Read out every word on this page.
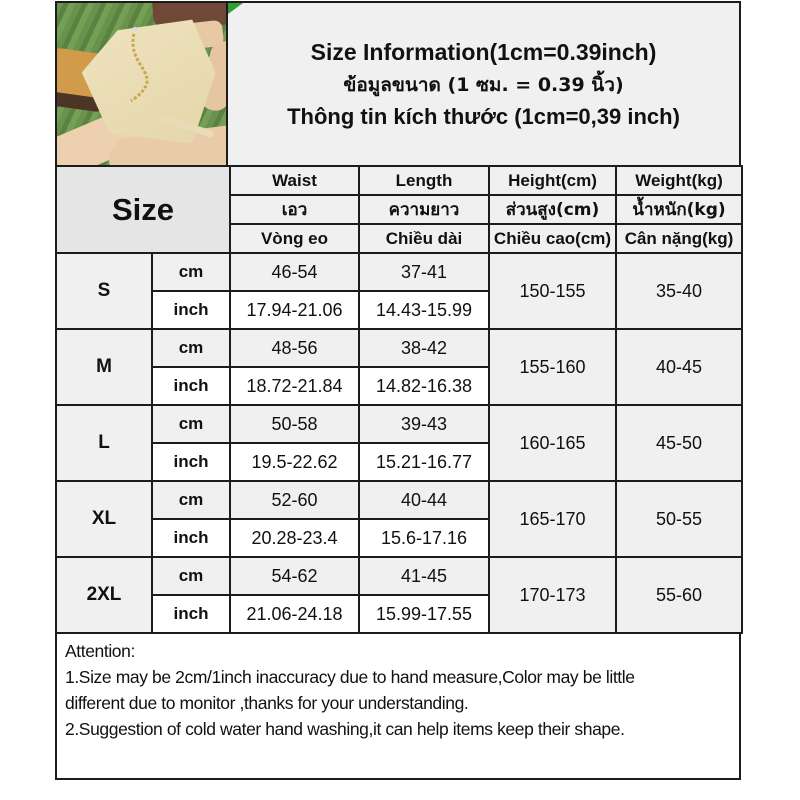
Size Information(1cm=0.39inch)
ข้อมูลขนาด (1 ซม. = 0.39 นิ้ว)
Thông tin kích thước (1cm=0,39 inch)
Size		Waist	Length	Height(cm)	Weight(kg)
		เอว	ความยาว	ส่วนสูง(cm)	น้ำหนัก(kg)
		Vòng eo	Chiều dài	Chiều cao(cm)	Cân nặng(kg)
S	cm	46-54	37-41	150-155	35-40
	inch	17.94-21.06	14.43-15.99		
M	cm	48-56	38-42	155-160	40-45
	inch	18.72-21.84	14.82-16.38		
L	cm	50-58	39-43	160-165	45-50
	inch	19.5-22.62	15.21-16.77		
XL	cm	52-60	40-44	165-170	50-55
	inch	20.28-23.4	15.6-17.16		
2XL	cm	54-62	41-45	170-173	55-60
	inch	21.06-24.18	15.99-17.55		
Attention:
1.Size may be 2cm/1inch inaccuracy due to hand measure,Color may be little
different due to monitor ,thanks for your understanding.
2.Suggestion of cold water hand washing,it can help items keep their shape.
